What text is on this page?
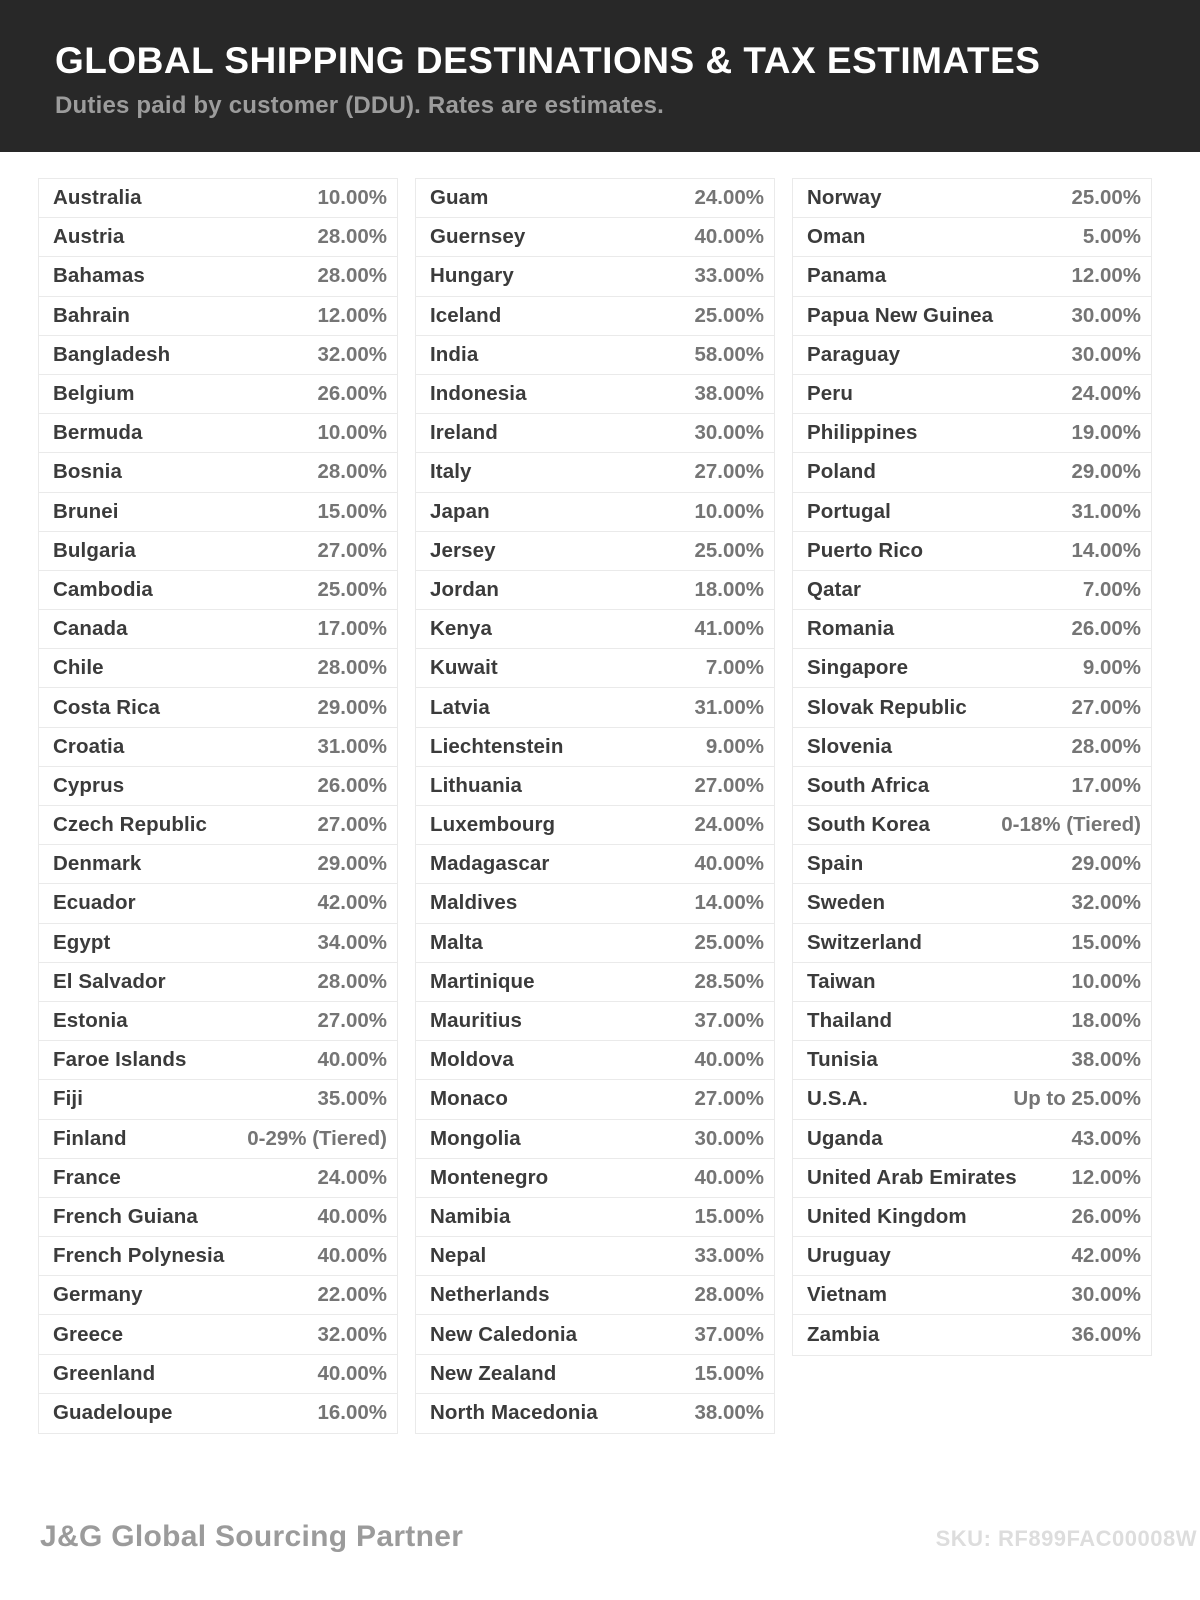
GLOBAL SHIPPING DESTINATIONS & TAX ESTIMATES
Duties paid by customer (DDU). Rates are estimates.
Australia	10.00%
Austria	28.00%
Bahamas	28.00%
Bahrain	12.00%
Bangladesh	32.00%
Belgium	26.00%
Bermuda	10.00%
Bosnia	28.00%
Brunei	15.00%
Bulgaria	27.00%
Cambodia	25.00%
Canada	17.00%
Chile	28.00%
Costa Rica	29.00%
Croatia	31.00%
Cyprus	26.00%
Czech Republic	27.00%
Denmark	29.00%
Ecuador	42.00%
Egypt	34.00%
El Salvador	28.00%
Estonia	27.00%
Faroe Islands	40.00%
Fiji	35.00%
Finland	0-29% (Tiered)
France	24.00%
French Guiana	40.00%
French Polynesia	40.00%
Germany	22.00%
Greece	32.00%
Greenland	40.00%
Guadeloupe	16.00%
Guam	24.00%
Guernsey	40.00%
Hungary	33.00%
Iceland	25.00%
India	58.00%
Indonesia	38.00%
Ireland	30.00%
Italy	27.00%
Japan	10.00%
Jersey	25.00%
Jordan	18.00%
Kenya	41.00%
Kuwait	7.00%
Latvia	31.00%
Liechtenstein	9.00%
Lithuania	27.00%
Luxembourg	24.00%
Madagascar	40.00%
Maldives	14.00%
Malta	25.00%
Martinique	28.50%
Mauritius	37.00%
Moldova	40.00%
Monaco	27.00%
Mongolia	30.00%
Montenegro	40.00%
Namibia	15.00%
Nepal	33.00%
Netherlands	28.00%
New Caledonia	37.00%
New Zealand	15.00%
North Macedonia	38.00%
Norway	25.00%
Oman	5.00%
Panama	12.00%
Papua New Guinea	30.00%
Paraguay	30.00%
Peru	24.00%
Philippines	19.00%
Poland	29.00%
Portugal	31.00%
Puerto Rico	14.00%
Qatar	7.00%
Romania	26.00%
Singapore	9.00%
Slovak Republic	27.00%
Slovenia	28.00%
South Africa	17.00%
South Korea	0-18% (Tiered)
Spain	29.00%
Sweden	32.00%
Switzerland	15.00%
Taiwan	10.00%
Thailand	18.00%
Tunisia	38.00%
U.S.A.	Up to 25.00%
Uganda	43.00%
United Arab Emirates	12.00%
United Kingdom	26.00%
Uruguay	42.00%
Vietnam	30.00%
Zambia	36.00%
J&G Global Sourcing Partner	SKU: RF899FAC00008W
